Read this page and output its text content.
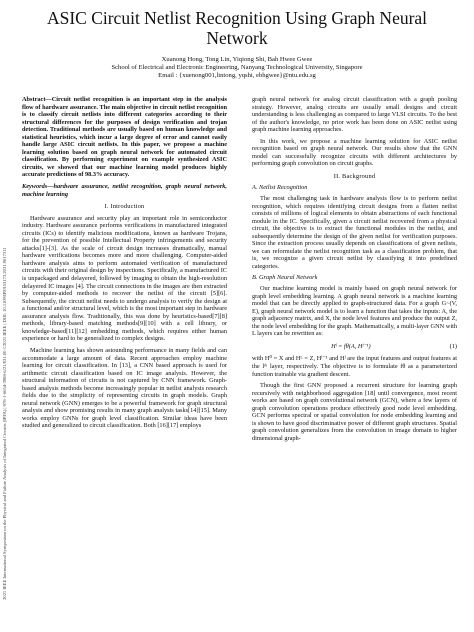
2021 IEEE International Symposium on the Physical and Failure Analysis of Integrated Circuits (IPFA) | 978-1-6654-3988-6/21/$31.00 ©2021 IEEE | DOI: 10.1109/IPFA53173.2021.9617311
ASIC Circuit Netlist Recognition Using Graph Neural Network
Xuanong Hong, Tong Lin, Yiqiong Shi, Bah Hwee Gwee
School of Electrical and Electronic Engineering, Nanyang Technological University, Singapore
Email : {xuenong001,lintong, yqshi, ebhgwee}@ntu.edu.sg

Abstract—Circuit netlist recognition is an important step in the analysis flow of hardware assurance. The main objective in circuit netlist recognition is to classify circuit netlists into different categories according to their structural differences for the purposes of design verification and trojan detection. Traditional methods are usually based on human knowledge and statistical heuristics, which incur a large degree of error and cannot easily handle large ASIC circuit netlists. In this paper, we propose a machine learning solution based on graph neural network for automated circuit classification. By performing experiment on example synthesized ASIC circuits, we showed that our machine learning model produces highly accurate predictions of 98.3% accuracy.

Keywords—hardware assurance, netlist recognition, graph neural network, machine learning

I. Introduction

Hardware assurance and security play an important role in semiconductor industry. Hardware assurance performs verifications in manufactured integrated circuits (ICs) to identify malicious modifications, known as hardware Trojans, for the prevention of possible Intellectual Property infringements and security attacks[1]-[3]. As the scale of circuit design increases dramatically, manual hardware verifications becomes more and more challenging. Computer-aided hardware analysis aims to perform automated verification of manufactured circuits with their original design by inspections. Specifically, a manufactured IC is unpackaged and delayered, followed by imaging to obtain the high-resolution delayered IC images [4]. The circuit connections in the images are then extracted by computer-aided methods to recover the netlist of the circuit [5][6]. Subsequently, the circuit netlist needs to undergo analysis to verify the design at a functional and/or structural level, which is the most important step in hardware assurance analysis flow. Traditionally, this was done by heuristics-based[7][8] methods, library-based matching methods[9][10] with a cell library, or knowledge-based[11][12] embedding methods, which requires either human experience or hard to be generalized to complex designs.

Machine learning has shown astounding performance in many fields and can accommodate a large amount of data. Recent approaches employ machine learning for circuit classification. In [13], a CNN based approach is used for arithmetic circuit classification based on IC image analysis. However, the structural information of circuits is not captured by CNN framework. Graph-based analysis methods become increasingly popular in netlist analysis research fields due to the simplicity of representing circuits in graph models. Graph neural network (GNN) emerges to be a powerful framework for graph structural analysis and show promising results in many graph analysis tasks[14][15]. Many works employ GNNs for graph level classification. Similar ideas have been studied and generalized to circuit classification. Both [16][17] employs

graph neural network for analog circuit classification with a graph pooling strategy. However, analog circuits are usually small designs and circuit understanding is less challenging as compared to large VLSI circuits. To the best of the author's knowledge, no prior work has been done on ASIC netlist using graph machine learning approaches.

In this work, we propose a machine learning solution for ASIC netlist recognition based on graph neural network. Our results show that the GNN model can successfully recognize circuits with different architectures by performing graph convolution on circuit graphs.

II. Background
A. Netlist Recognition

The most challenging task in hardware analysis flow is to perform netlist recognition, which requires identifying circuit designs from a flatten netlist consists of millions of logical elements to obtain abstractions of each functional module in the IC. Specifically, given a circuit netlist recovered from a physical circuit, the objective is to extract the functional modules in the netlist, and subsequently determine the design of the given netlist for verification purposes. Since the extraction process usually depends on classifications of given netlists, we can reformulate the netlist recognition task as a classification problem, that is, we recognize a given circuit netlist by classifying it into predefined categories.

B. Graph Neural Network

Our machine learning model is mainly based on graph neural network for graph level embedding learning. A graph neural network is a machine learning model that can be directly applied to graph-structured data. For a graph G~(V, E), graph neural network model is to learn a function that takes the inputs: A, the graph adjacency matrix, and X, the node level features and produce the output Z, the node level embedding for the graph. Mathematically, a multi-layer GNN with L layers can be rewritten as:

Hˡ = fθ(A, Hˡ⁻¹)	(1)

with H⁰ = X and Hᴸ = Z, Hˡ⁻¹ and Hˡ are the input features and output features at the lᵗʰ layer, respectively. The objective is to formulate fθ as a parameterized function trainable via gradient descent.

Though the first GNN proposed a recurrent structure for learning graph recursively with neighborhood aggregation [18] until convergence, most recent works are based on graph convolutional network (GCN), where a few layers of graph convolution operations produce effectively good node level embedding. GCN performs spectral or spatial convolution for node embedding learning and is shown to have good discriminative power of different graph structures. Spatial graph convolution generalizes from the convolution in image domain to higher dimensional graph-
